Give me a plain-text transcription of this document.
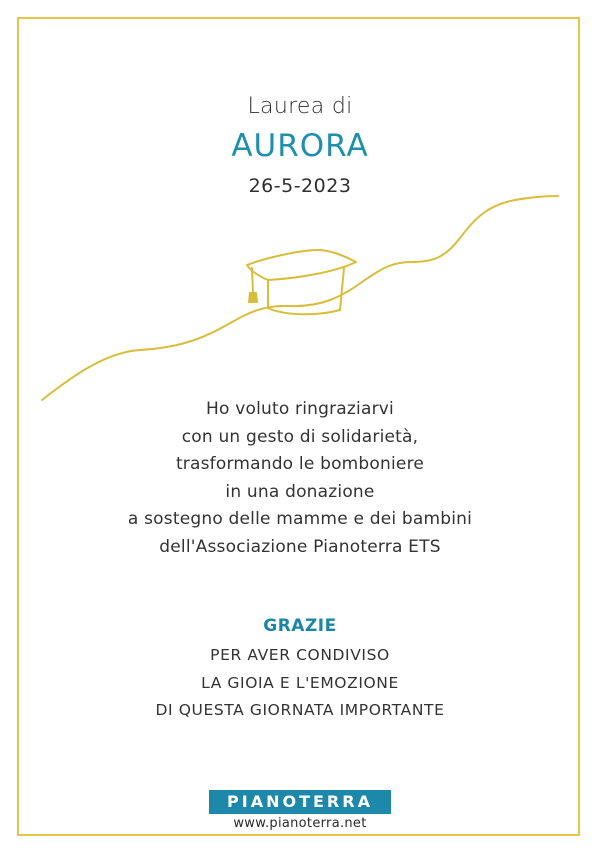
Laurea di
AURORA
26-5-2023
Ho voluto ringraziarvi
con un gesto di solidarietà,
trasformando le bomboniere
in una donazione
a sostegno delle mamme e dei bambini
dell'Associazione Pianoterra ETS
GRAZIE
PER AVER CONDIVISO
LA GIOIA E L'EMOZIONE
DI QUESTA GIORNATA IMPORTANTE
PIANOTERRA
www.pianoterra.net
